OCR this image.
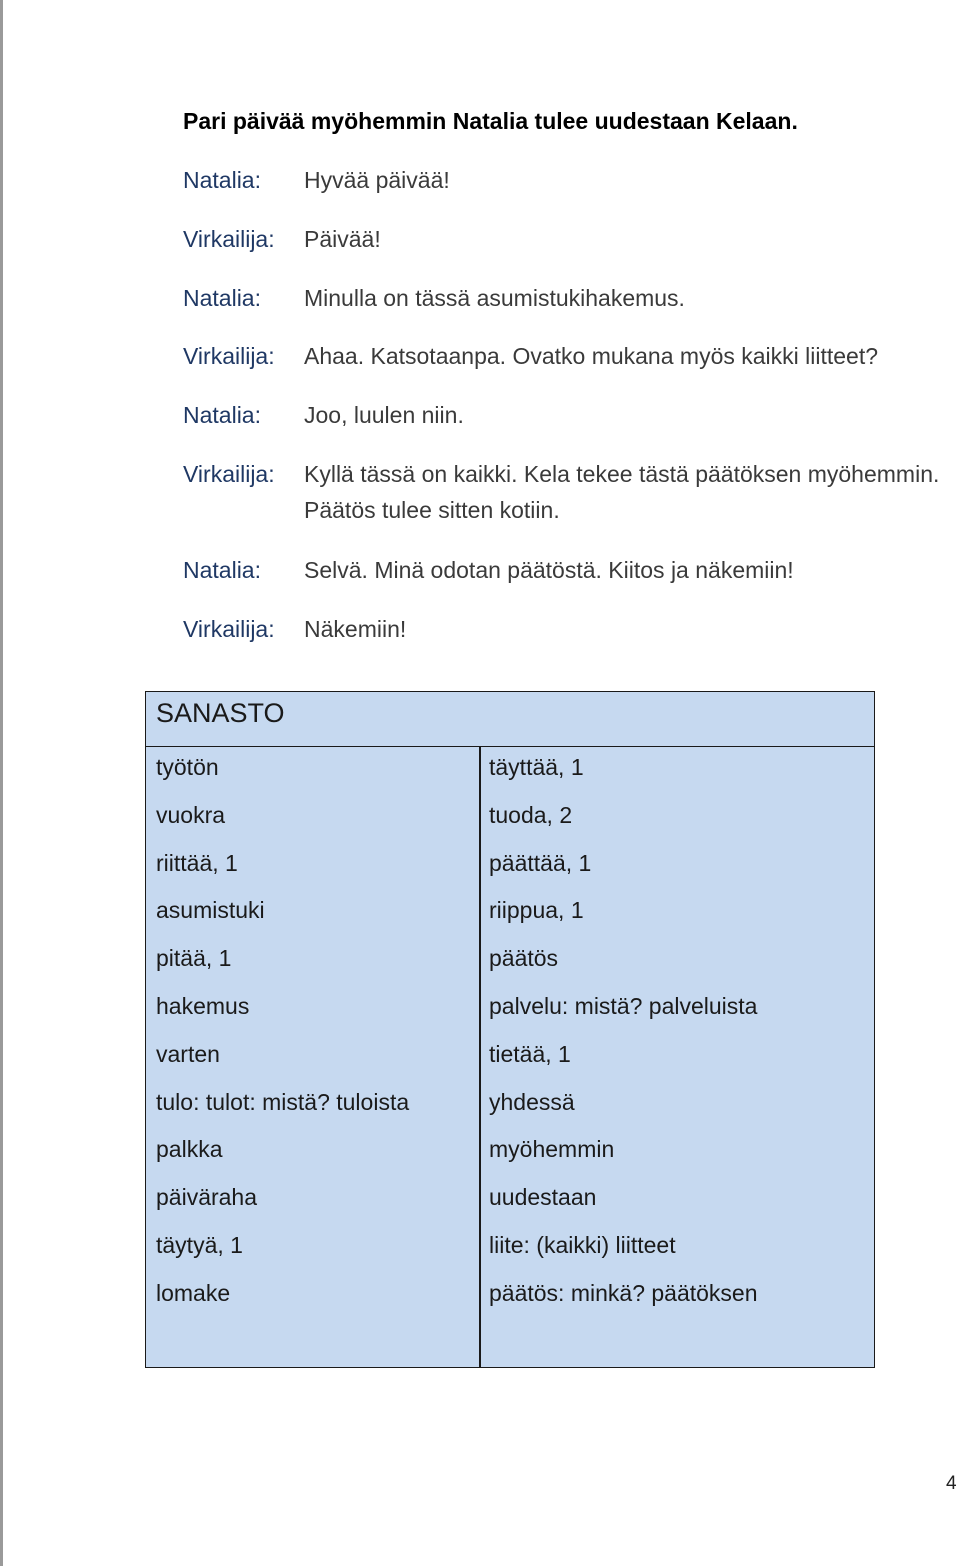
Pari päivää myöhemmin Natalia tulee uudestaan Kelaan.
Natalia:	Hyvää päivää!
Virkailija:	Päivää!
Natalia:	Minulla on tässä asumistukihakemus.
Virkailija:	Ahaa. Katsotaanpa. Ovatko mukana myös kaikki liitteet?
Natalia:	Joo, luulen niin.
Virkailija:	Kyllä tässä on kaikki. Kela tekee tästä päätöksen myöhemmin. Päätös tulee sitten kotiin.
Natalia:	Selvä. Minä odotan päätöstä. Kiitos ja näkemiin!
Virkailija:	Näkemiin!
SANASTO
työtön
vuokra
riittää, 1
asumistuki
pitää, 1
hakemus
varten
tulo: tulot: mistä? tuloista
palkka
päiväraha
täytyä, 1
lomake
täyttää, 1
tuoda, 2
päättää, 1
riippua, 1
päätös
palvelu: mistä? palveluista
tietää, 1
yhdessä
myöhemmin
uudestaan
liite: (kaikki) liitteet
päätös: minkä? päätöksen
4
